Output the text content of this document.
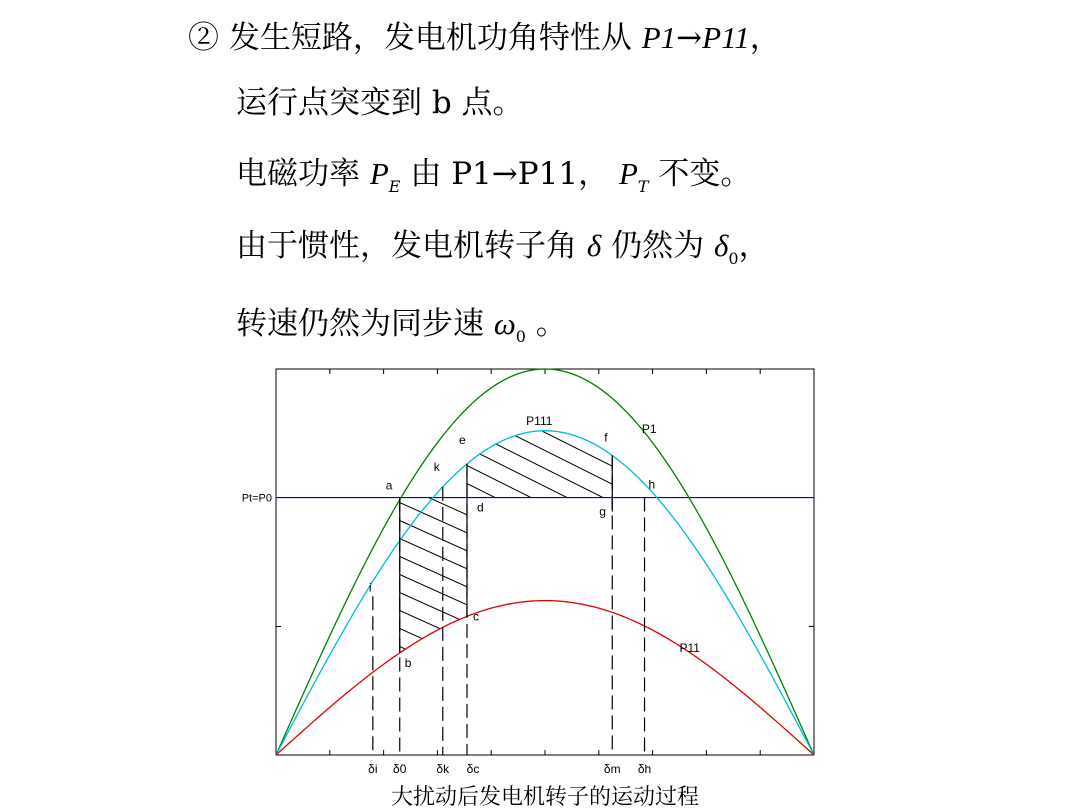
② 发生短路，发电机功角特性从 P1→P11，
运行点突变到 b 点。
电磁功率 $P_E$ 由 P1→P11， $P_T$ 不变。
由于惯性，发电机转子角 δ 仍然为 $\delta_0$，
转速仍然为同步速 $\omega_0$ 。
Pt=P0
a
b
c
d
e	f
g
h
i
k
P1
P111
P11
δi δ0	δk δc	δm δh
大扰动后发电机转子的运动过程
